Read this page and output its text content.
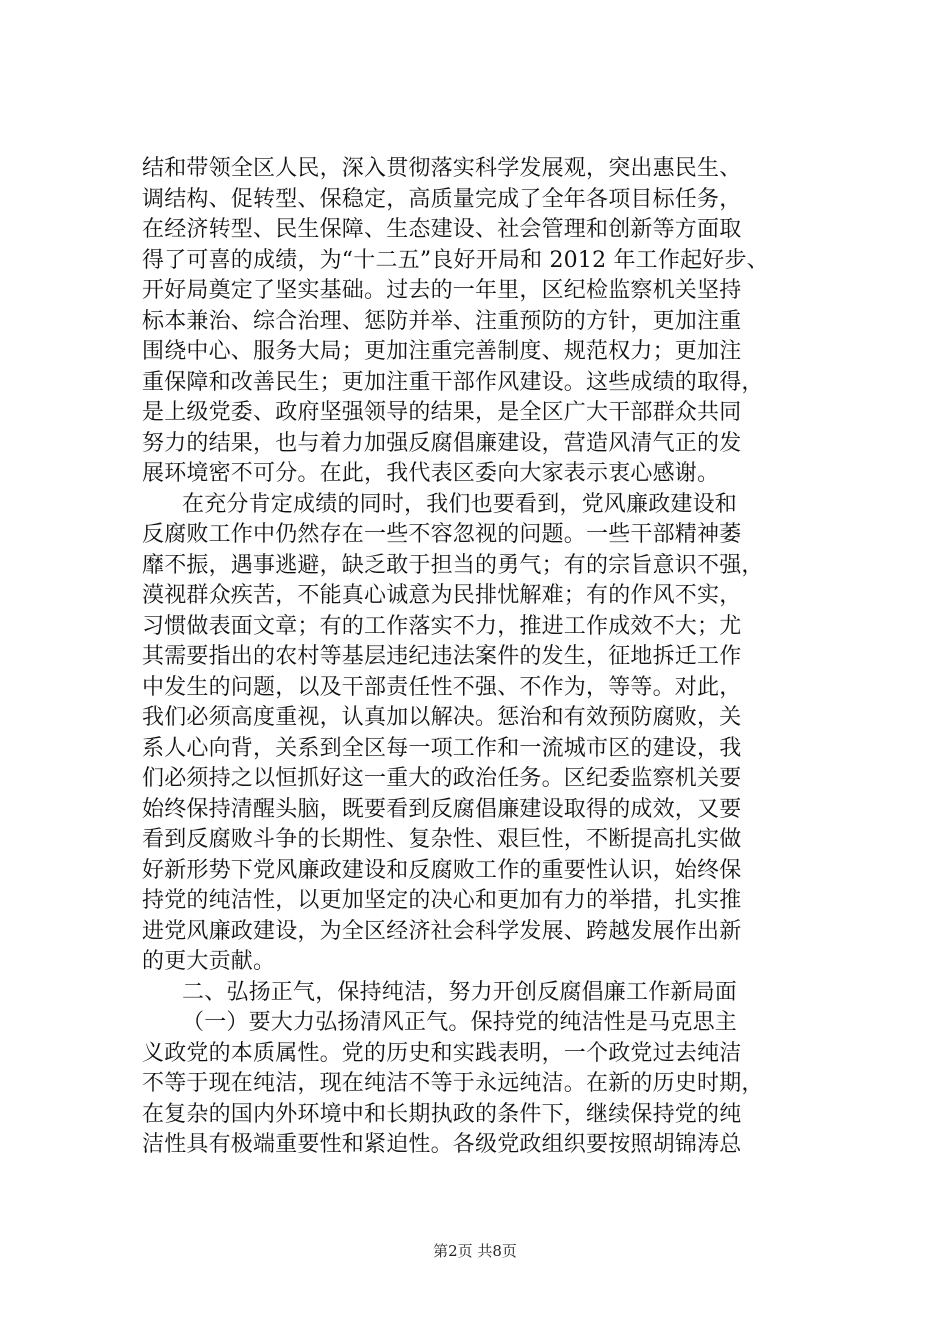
结和带领全区人民，深入贯彻落实科学发展观，突出惠民生、
调结构、促转型、保稳定，高质量完成了全年各项目标任务，
在经济转型、民生保障、生态建设、社会管理和创新等方面取
得了可喜的成绩，为“十二五”良好开局和 2012 年工作起好步、
开好局奠定了坚实基础。过去的一年里，区纪检监察机关坚持
标本兼治、综合治理、惩防并举、注重预防的方针，更加注重
围绕中心、服务大局；更加注重完善制度、规范权力；更加注
重保障和改善民生；更加注重干部作风建设。这些成绩的取得，
是上级党委、政府坚强领导的结果，是全区广大干部群众共同
努力的结果，也与着力加强反腐倡廉建设，营造风清气正的发
展环境密不可分。在此，我代表区委向大家表示衷心感谢。
在充分肯定成绩的同时，我们也要看到，党风廉政建设和
反腐败工作中仍然存在一些不容忽视的问题。一些干部精神萎
靡不振，遇事逃避，缺乏敢于担当的勇气；有的宗旨意识不强，
漠视群众疾苦，不能真心诚意为民排忧解难；有的作风不实，
习惯做表面文章；有的工作落实不力，推进工作成效不大；尤
其需要指出的农村等基层违纪违法案件的发生，征地拆迁工作
中发生的问题，以及干部责任性不强、不作为，等等。对此，
我们必须高度重视，认真加以解决。惩治和有效预防腐败，关
系人心向背，关系到全区每一项工作和一流城市区的建设，我
们必须持之以恒抓好这一重大的政治任务。区纪委监察机关要
始终保持清醒头脑，既要看到反腐倡廉建设取得的成效，又要
看到反腐败斗争的长期性、复杂性、艰巨性，不断提高扎实做
好新形势下党风廉政建设和反腐败工作的重要性认识，始终保
持党的纯洁性，以更加坚定的决心和更加有力的举措，扎实推
进党风廉政建设，为全区经济社会科学发展、跨越发展作出新
的更大贡献。
二、弘扬正气，保持纯洁，努力开创反腐倡廉工作新局面
（一）要大力弘扬清风正气。保持党的纯洁性是马克思主
义政党的本质属性。党的历史和实践表明，一个政党过去纯洁
不等于现在纯洁，现在纯洁不等于永远纯洁。在新的历史时期，
在复杂的国内外环境中和长期执政的条件下，继续保持党的纯
洁性具有极端重要性和紧迫性。各级党政组织要按照胡锦涛总
第2页 共8页
